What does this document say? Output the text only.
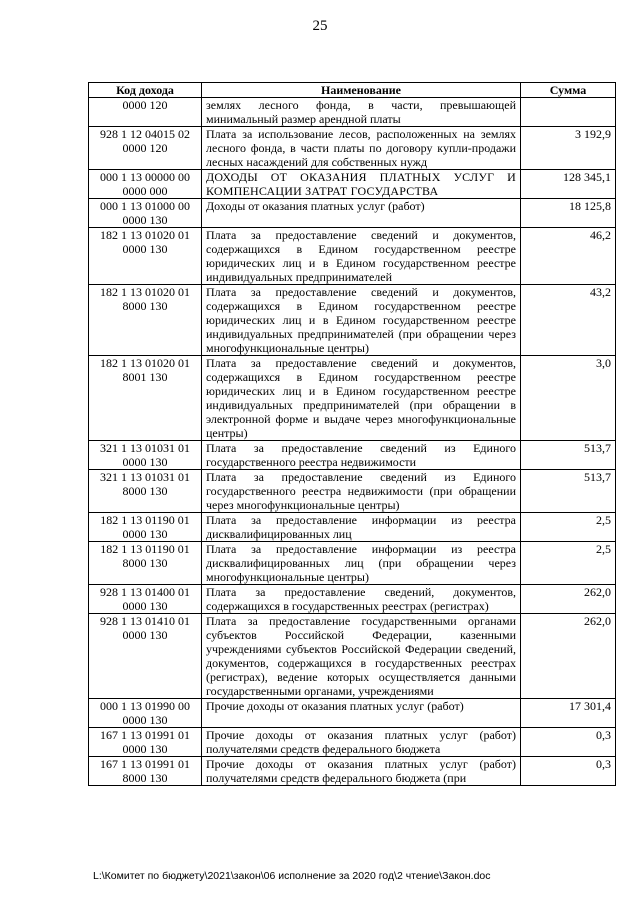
25
Код дохода	Наименование	Сумма
0000 120	землях лесного фонда, в части, превышающей минимальный размер арендной платы	
928 1 12 04015 02 0000 120	Плата за использование лесов, расположенных на землях лесного фонда, в части платы по договору купли-продажи лесных насаждений для собственных нужд	3 192,9
000 1 13 00000 00 0000 000	ДОХОДЫ ОТ ОКАЗАНИЯ ПЛАТНЫХ УСЛУГ И КОМПЕНСАЦИИ ЗАТРАТ ГОСУДАРСТВА	128 345,1
000 1 13 01000 00 0000 130	Доходы от оказания платных услуг (работ)	18 125,8
182 1 13 01020 01 0000 130	Плата за предоставление сведений и документов, содержащихся в Едином государственном реестре юридических лиц и в Едином государственном реестре индивидуальных предпринимателей	46,2
182 1 13 01020 01 8000 130	Плата за предоставление сведений и документов, содержащихся в Едином государственном реестре юридических лиц и в Едином государственном реестре индивидуальных предпринимателей (при обращении через многофункциональные центры)	43,2
182 1 13 01020 01 8001 130	Плата за предоставление сведений и документов, содержащихся в Едином государственном реестре юридических лиц и в Едином государственном реестре индивидуальных предпринимателей (при обращении в электронной форме и выдаче через многофункциональные центры)	3,0
321 1 13 01031 01 0000 130	Плата за предоставление сведений из Единого государственного реестра недвижимости	513,7
321 1 13 01031 01 8000 130	Плата за предоставление сведений из Единого государственного реестра недвижимости (при обращении через многофункциональные центры)	513,7
182 1 13 01190 01 0000 130	Плата за предоставление информации из реестра дисквалифицированных лиц	2,5
182 1 13 01190 01 8000 130	Плата за предоставление информации из реестра дисквалифицированных лиц (при обращении через многофункциональные центры)	2,5
928 1 13 01400 01 0000 130	Плата за предоставление сведений, документов, содержащихся в государственных реестрах (регистрах)	262,0
928 1 13 01410 01 0000 130	Плата за предоставление государственными органами субъектов Российской Федерации, казенными учреждениями субъектов Российской Федерации сведений, документов, содержащихся в государственных реестрах (регистрах), ведение которых осуществляется данными государственными органами, учреждениями	262,0
000 1 13 01990 00 0000 130	Прочие доходы от оказания платных услуг (работ)	17 301,4
167 1 13 01991 01 0000 130	Прочие доходы от оказания платных услуг (работ) получателями средств федерального бюджета	0,3
167 1 13 01991 01 8000 130	Прочие доходы от оказания платных услуг (работ) получателями средств федерального бюджета (при	0,3
L:\Комитет по бюджету\2021\закон\06 исполнение за 2020 год\2 чтение\Закон.doc
